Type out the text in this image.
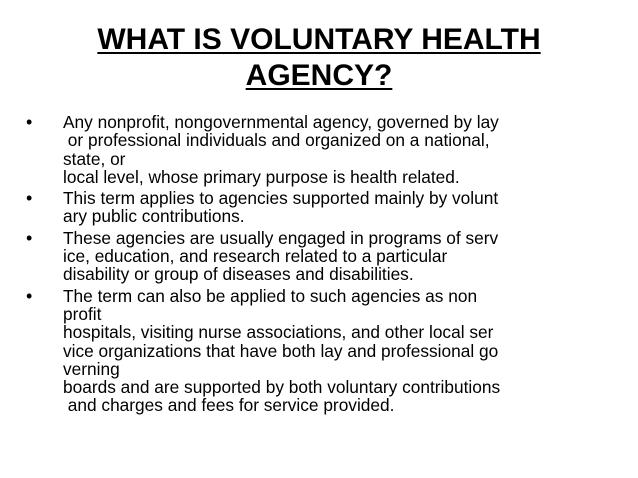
WHAT IS VOLUNTARY HEALTH
AGENCY?
• Any nonprofit, nongovernmental agency, governed by lay
or professional individuals and organized on a national,
state, or
local level, whose primary purpose is health related.
• This term applies to agencies supported mainly by volunt
ary public contributions.
• These agencies are usually engaged in programs of serv
ice, education, and research related to a particular
disability or group of diseases and disabilities.
• The term can also be applied to such agencies as non
profit
hospitals, visiting nurse associations, and other local ser
vice organizations that have both lay and professional go
verning
boards and are supported by both voluntary contributions
and charges and fees for service provided.
